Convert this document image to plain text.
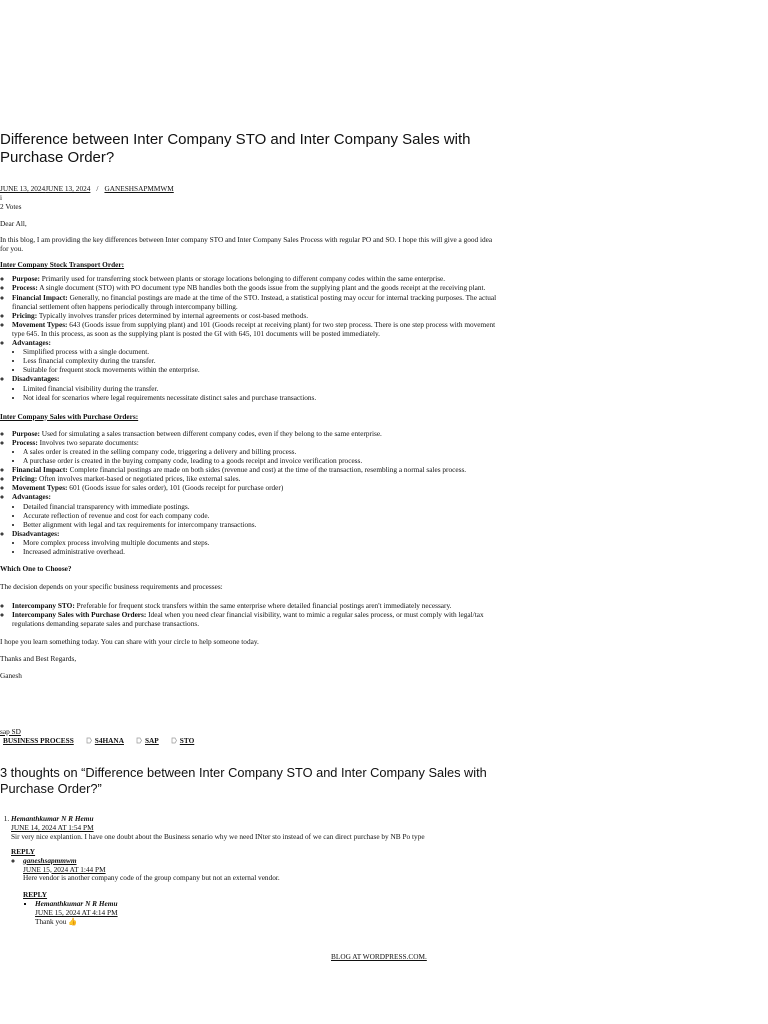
Difference between Inter Company STO and Inter Company Sales with Purchase Order?
JUNE 13, 2024JUNE 13, 2024 / GANESHSAPMMWM
i
2 Votes

Dear All,

In this blog, I am providing the key differences between Inter company STO and Inter Company Sales Process with regular PO and SO. I hope this will give a good idea for you.

Inter Company Stock Transport Order:

◦ Purpose: Primarily used for transferring stock between plants or storage locations belonging to different company codes within the same enterprise.
◦ Process: A single document (STO) with PO document type NB handles both the goods issue from the supplying plant and the goods receipt at the receiving plant.
◦ Financial Impact: Generally, no financial postings are made at the time of the STO. Instead, a statistical posting may occur for internal tracking purposes. The actual financial settlement often happens periodically through intercompany billing.
◦ Pricing: Typically involves transfer prices determined by internal agreements or cost-based methods.
◦ Movement Types: 643 (Goods issue from supplying plant) and 101 (Goods receipt at receiving plant) for two step process. There is one step process with movement type 645. In this process, as soon as the supplying plant is posted the GI with 645, 101 documents will be posted immediately.
◦ Advantages:
• Simplified process with a single document.
• Less financial complexity during the transfer.
• Suitable for frequent stock movements within the enterprise.
◦ Disadvantages:
• Limited financial visibility during the transfer.
• Not ideal for scenarios where legal requirements necessitate distinct sales and purchase transactions.

Inter Company Sales with Purchase Orders:

◦ Purpose: Used for simulating a sales transaction between different company codes, even if they belong to the same enterprise.
◦ Process: Involves two separate documents:
• A sales order is created in the selling company code, triggering a delivery and billing process.
• A purchase order is created in the buying company code, leading to a goods receipt and invoice verification process.
◦ Financial Impact: Complete financial postings are made on both sides (revenue and cost) at the time of the transaction, resembling a normal sales process.
◦ Pricing: Often involves market-based or negotiated prices, like external sales.
◦ Movement Types: 601 (Goods issue for sales order), 101 (Goods receipt for purchase order)
◦ Advantages:
• Detailed financial transparency with immediate postings.
• Accurate reflection of revenue and cost for each company code.
• Better alignment with legal and tax requirements for intercompany transactions.
◦ Disadvantages:
• More complex process involving multiple documents and steps.
• Increased administrative overhead.

Which One to Choose?

The decision depends on your specific business requirements and processes:

◦ Intercompany STO: Preferable for frequent stock transfers within the same enterprise where detailed financial postings aren't immediately necessary.
◦ Intercompany Sales with Purchase Orders: Ideal when you need clear financial visibility, want to mimic a regular sales process, or must comply with legal/tax regulations demanding separate sales and purchase transactions.

I hope you learn something today. You can share with your circle to help someone today.

Thanks and Best Regards,

Ganesh

sap SD
BUSINESS PROCESS	S4HANA	SAP	STO
3 thoughts on “Difference between Inter Company STO and Inter Company Sales with Purchase Order?”
1. Hemanthkumar N R Hemu
JUNE 14, 2024 AT 1:54 PM
Sir very nice explantion. I have one doubt about the Business senario why we need INter sto instead of we can direct purchase by NB Po type
REPLY
◦ ganeshsapmmwm
JUNE 15, 2024 AT 1:44 PM
Here vendor is another company code of the group company but not an external vendor.
REPLY
▪ Hemanthkumar N R Hemu
JUNE 15, 2024 AT 4:14 PM
Thank you 👍
BLOG AT WORDPRESS.COM.
